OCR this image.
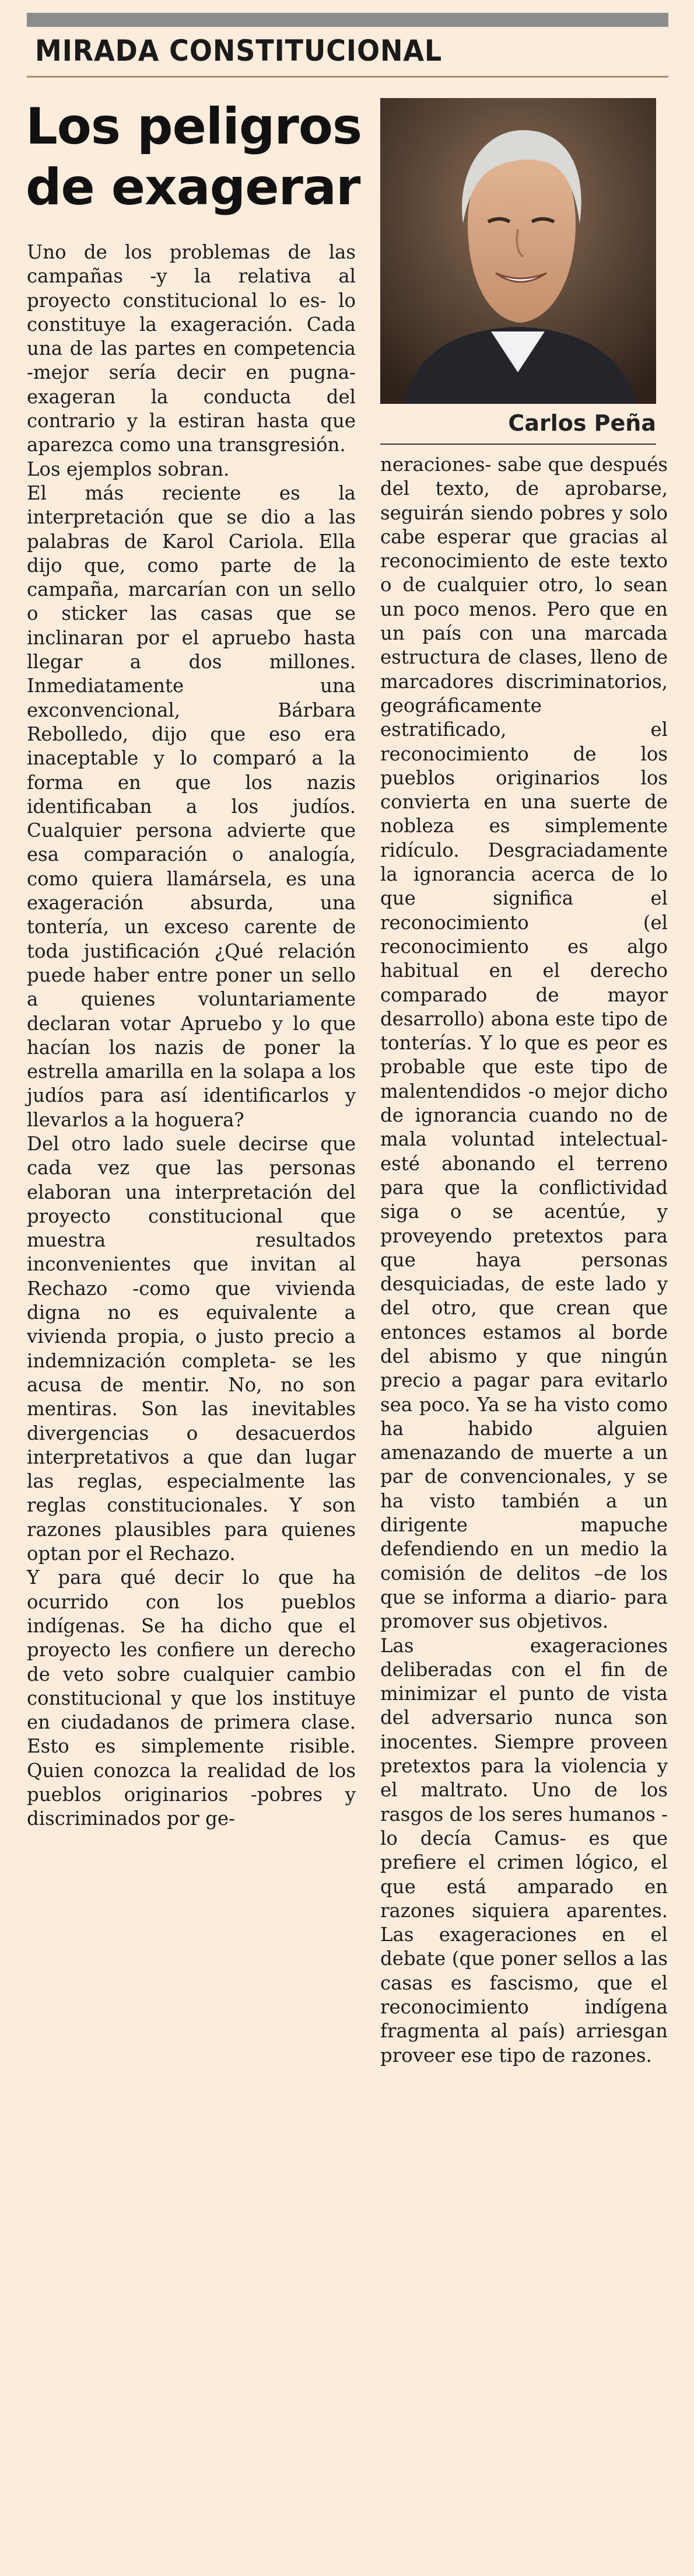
MIRADA CONSTITUCIONAL
Los peligros de exagerar
Carlos Peña

Uno de los problemas de las campañas -y la relativa al proyecto constitucional lo es- lo constituye la exageración. Cada una de las partes en competencia -mejor sería decir en pugna- exageran la conducta del contrario y la estiran hasta que aparezca como una transgresión.

Los ejemplos sobran.

El más reciente es la interpretación que se dio a las palabras de Karol Cariola. Ella dijo que, como parte de la campaña, marcarían con un sello o sticker las casas que se inclinaran por el apruebo hasta llegar a dos millones. Inmediatamente una exconvencional, Bárbara Rebolledo, dijo que eso era inaceptable y lo comparó a la forma en que los nazis identificaban a los judíos. Cualquier persona advierte que esa comparación o analogía, como quiera llamársela, es una exageración absurda, una tontería, un exceso carente de toda justificación ¿Qué relación puede haber entre poner un sello a quienes voluntariamente declaran votar Apruebo y lo que hacían los nazis de poner la estrella amarilla en la solapa a los judíos para así identificarlos y llevarlos a la hoguera?

Del otro lado suele decirse que cada vez que las personas elaboran una interpretación del proyecto constitucional que muestra resultados inconvenientes que invitan al Rechazo -como que vivienda digna no es equivalente a vivienda propia, o justo precio a indemnización completa- se les acusa de mentir. No, no son mentiras. Son las inevitables divergencias o desacuerdos interpretativos a que dan lugar las reglas, especialmente las reglas constitucionales. Y son razones plausibles para quienes optan por el Rechazo.

Y para qué decir lo que ha ocurrido con los pueblos indígenas. Se ha dicho que el proyecto les confiere un derecho de veto sobre cualquier cambio constitucional y que los instituye en ciudadanos de primera clase. Esto es simplemente risible. Quien conozca la realidad de los pueblos originarios -pobres y discriminados por ge-

neraciones- sabe que después del texto, de aprobarse, seguirán siendo pobres y solo cabe esperar que gracias al reconocimiento de este texto o de cualquier otro, lo sean un poco menos. Pero que en un país con una marcada estructura de clases, lleno de marcadores discriminatorios, geográficamente estratificado, el reconocimiento de los pueblos originarios los convierta en una suerte de nobleza es simplemente ridículo. Desgraciadamente la ignorancia acerca de lo que significa el reconocimiento (el reconocimiento es algo habitual en el derecho comparado de mayor desarrollo) abona este tipo de tonterías. Y lo que es peor es probable que este tipo de malentendidos -o mejor dicho de ignorancia cuando no de mala voluntad intelectual- esté abonando el terreno para que la conflictividad siga o se acentúe, y proveyendo pretextos para que haya personas desquiciadas, de este lado y del otro, que crean que entonces estamos al borde del abismo y que ningún precio a pagar para evitarlo sea poco. Ya se ha visto como ha habido alguien amenazando de muerte a un par de convencionales, y se ha visto también a un dirigente mapuche defendiendo en un medio la comisión de delitos –de los que se informa a diario- para promover sus objetivos.

Las exageraciones deliberadas con el fin de minimizar el punto de vista del adversario nunca son inocentes. Siempre proveen pretextos para la violencia y el maltrato. Uno de los rasgos de los seres humanos -lo decía Camus- es que prefiere el crimen lógico, el que está amparado en razones siquiera aparentes. Las exageraciones en el debate (que poner sellos a las casas es fascismo, que el reconocimiento indígena fragmenta al país) arriesgan proveer ese tipo de razones.
